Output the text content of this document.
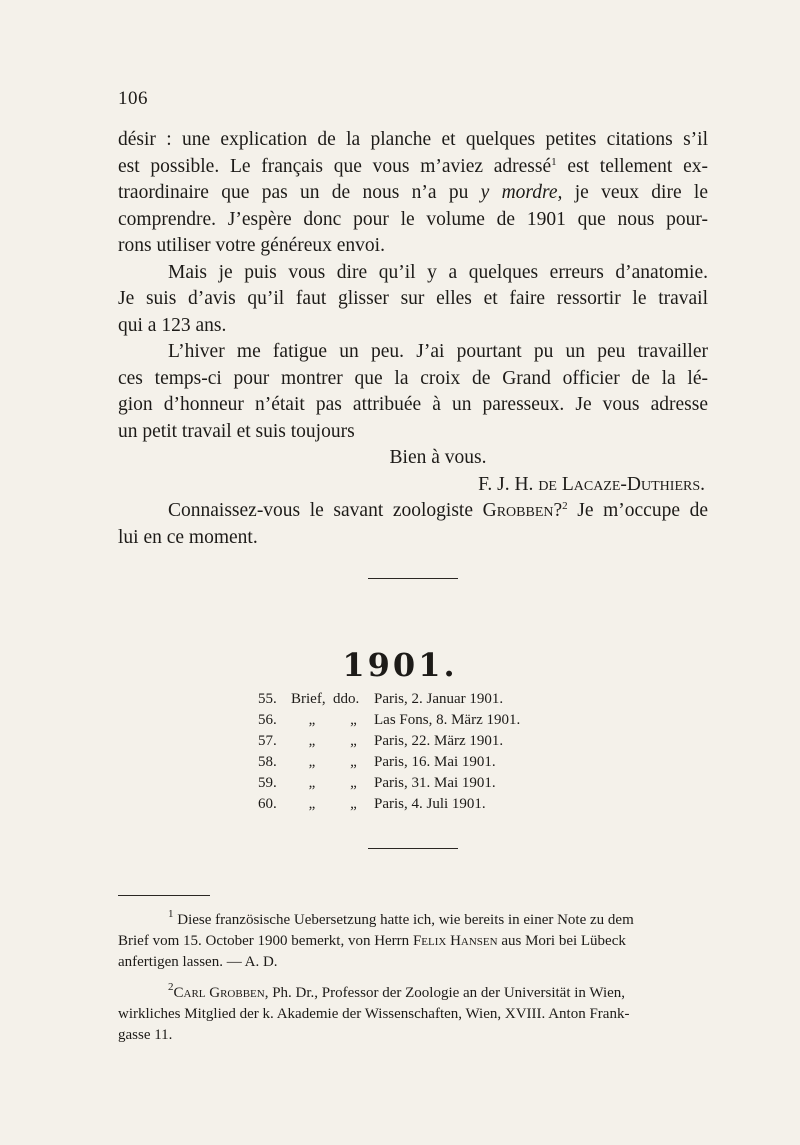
106
désir : une explication de la planche et quelques petites citations s’il
est possible. Le français que vous m’aviez adressé$^1$ est tellement ex-
traordinaire que pas un de nous n’a pu y mordre, je veux dire le
comprendre. J’espère donc pour le volume de 1901 que nous pour-
rons utiliser votre généreux envoi.
Mais je puis vous dire qu’il y a quelques erreurs d’anatomie.
Je suis d’avis qu’il faut glisser sur elles et faire ressortir le travail
qui a 123 ans.
L’hiver me fatigue un peu. J’ai pourtant pu un peu travailler
ces temps-ci pour montrer que la croix de Grand officier de la lé-
gion d’honneur n’était pas attribuée à un paresseux. Je vous adresse
un petit travail et suis toujours
Bien à vous.
F. J. H. de Lacaze-Duthiers.
Connaissez-vous le savant zoologiste Grobben?$^2$ Je m’occupe de
lui en ce moment.
1901.
55. Brief, ddo. Paris, 2. Januar 1901.
56.	„	„	Las Fons, 8. März 1901.
57.	„	„	Paris, 22. März 1901.
58.	„	„	Paris, 16. Mai 1901.
59.	„	„	Paris, 31. Mai 1901.
60.	„	„	Paris, 4. Juli 1901.
$^1$ Diese französische Uebersetzung hatte ich, wie bereits in einer Note zu dem
Brief vom 15. October 1900 bemerkt, von Herrn Felix Hansen aus Mori bei Lübeck
anfertigen lassen. — A. D.
$^2$Carl Grobben, Ph. Dr., Professor der Zoologie an der Universität in Wien,
wirkliches Mitglied der k. Akademie der Wissenschaften, Wien, XVIII. Anton Frank-
gasse 11.
